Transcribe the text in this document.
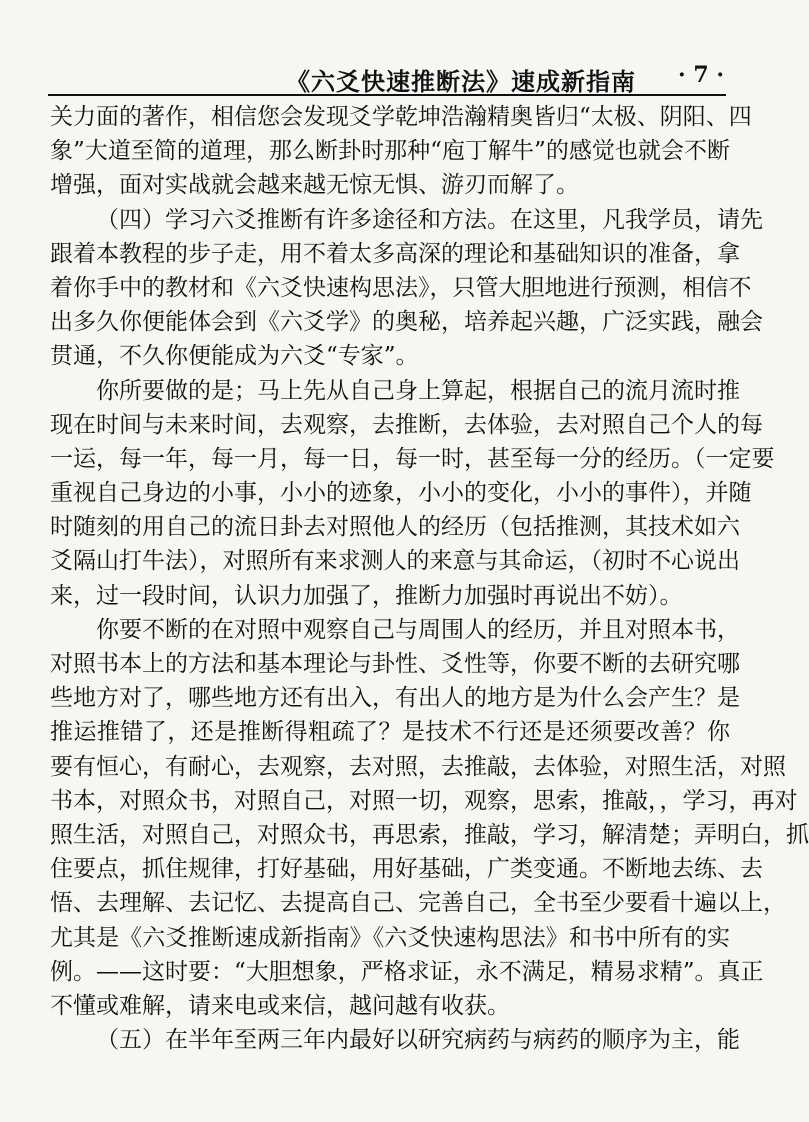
《六爻快速推断法》速成新指南 · 7 ·
关力面的著作，相信您会发现爻学乾坤浩瀚精奥皆归“太极、阴阳、四
象”大道至简的道理，那么断卦时那种“庖丁解牛”的感觉也就会不断
增强，面对实战就会越来越无惊无惧、游刃而解了。
（四）学习六爻推断有许多途径和方法。在这里，凡我学员，请先
跟着本教程的步子走，用不着太多高深的理论和基础知识的准备，拿
着你手中的教材和《六爻快速构思法》，只管大胆地进行预测，相信不
出多久你便能体会到《六爻学》的奥秘，培养起兴趣，广泛实践，融会
贯通，不久你便能成为六爻“专家”。
你所要做的是；马上先从自己身上算起，根据自己的流月流时推
现在时间与未来时间，去观察，去推断，去体验，去对照自己个人的每
一运，每一年，每一月，每一日，每一时，甚至每一分的经历。（一定要
重视自己身边的小事，小小的迹象，小小的变化，小小的事件），并随
时随刻的用自己的流日卦去对照他人的经历（包括推测，其技术如六
爻隔山打牛法），对照所有来求测人的来意与其命运，（初时不心说出
来，过一段时间，认识力加强了，推断力加强时再说出不妨）。
你要不断的在对照中观察自己与周围人的经历，并且对照本书，
对照书本上的方法和基本理论与卦性、爻性等，你要不断的去研究哪
些地方对了，哪些地方还有出入，有出人的地方是为什么会产生？是
推运推错了，还是推断得粗疏了？是技术不行还是还须要改善？你
要有恒心，有耐心，去观察，去对照，去推敲，去体验，对照生活，对照
书本，对照众书，对照自己，对照一切，观察，思索，推敲，，学习，再对
照生活，对照自己，对照众书，再思索，推敲，学习，解清楚；弄明白，抓
住要点，抓住规律，打好基础，用好基础，广类变通。不断地去练、去
悟、去理解、去记忆、去提高自己、完善自己，全书至少要看十遍以上，
尤其是《六爻推断速成新指南》《六爻快速构思法》和书中所有的实
例。——这时要：“大胆想象，严格求证，永不满足，精易求精”。真正
不懂或难解，请来电或来信，越问越有收获。
（五）在半年至两三年内最好以研究病药与病药的顺序为主，能
